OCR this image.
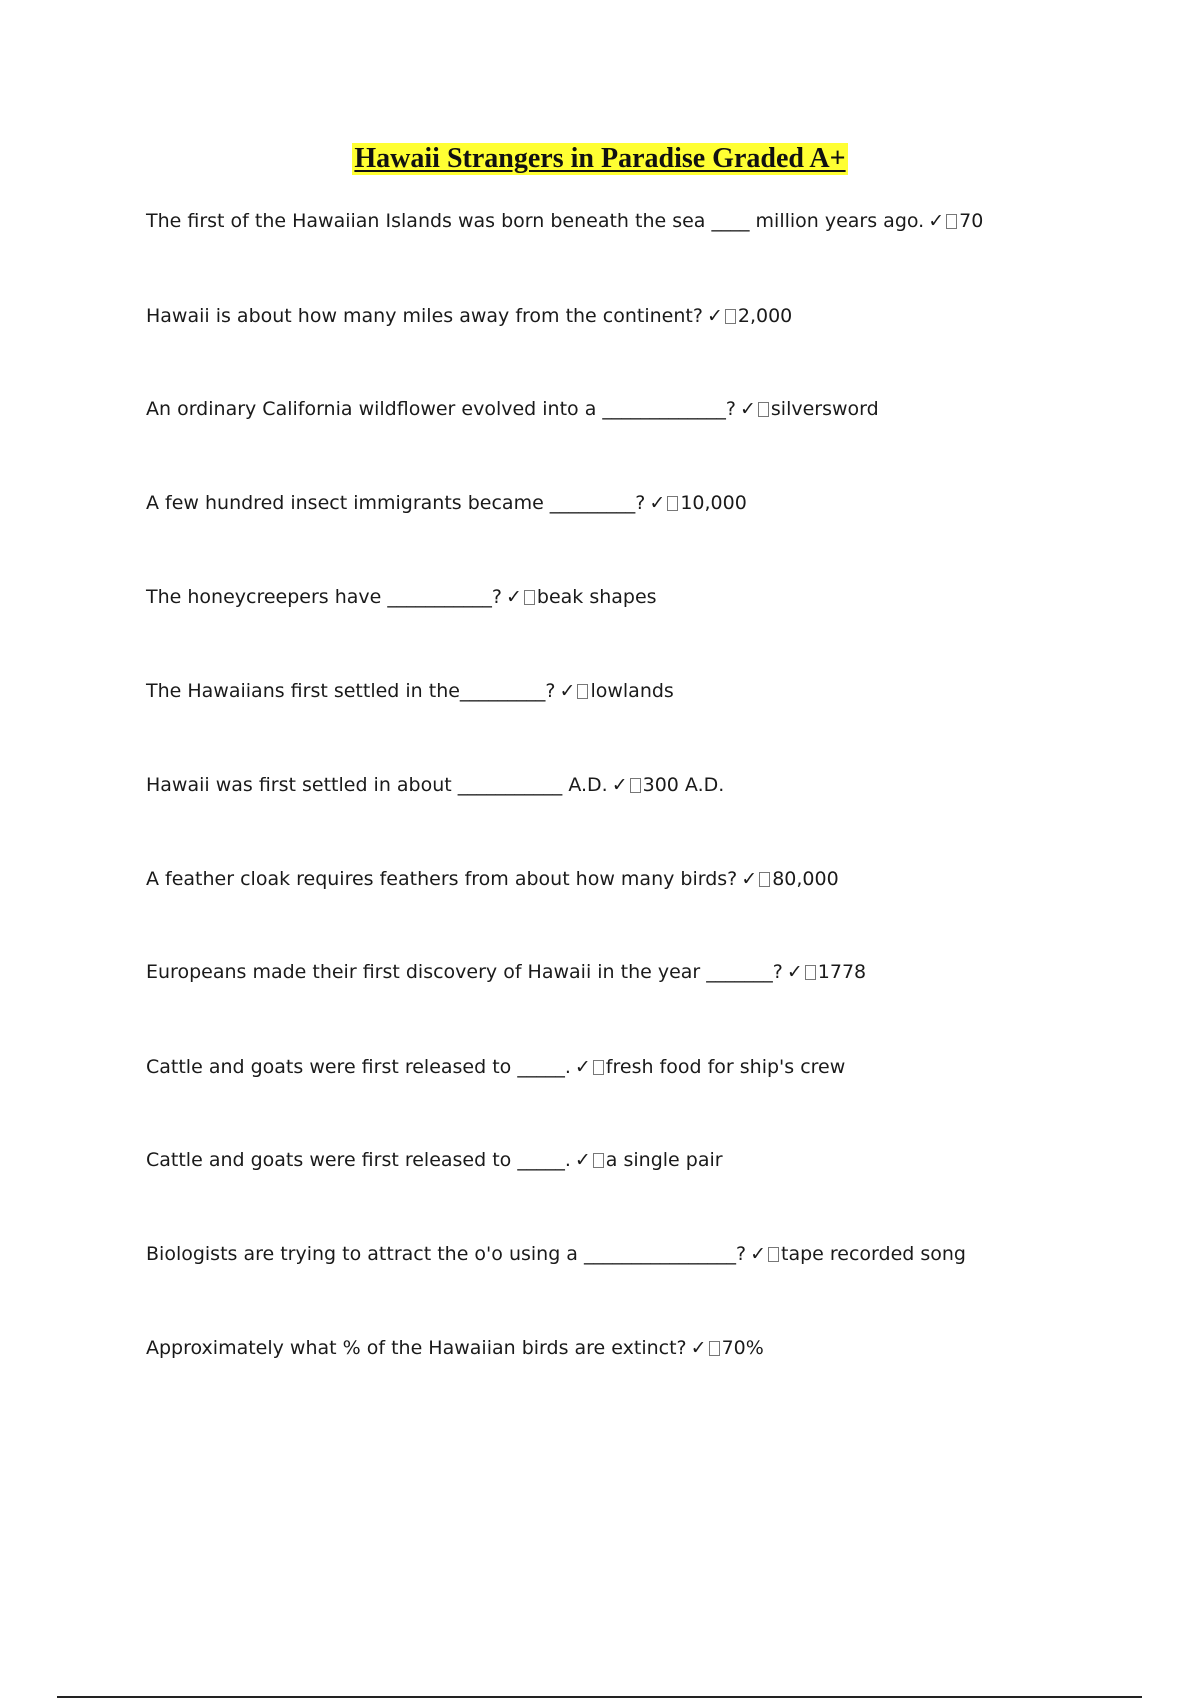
Hawaii Strangers in Paradise Graded A+
The first of the Hawaiian Islands was born beneath the sea ____ million years ago. ✓ 70
Hawaii is about how many miles away from the continent? ✓ 2,000
An ordinary California wildflower evolved into a _____________? ✓ silversword
A few hundred insect immigrants became _________? ✓ 10,000
The honeycreepers have ___________? ✓ beak shapes
The Hawaiians first settled in the_________? ✓ lowlands
Hawaii was first settled in about ___________ A.D. ✓ 300 A.D.
A feather cloak requires feathers from about how many birds? ✓ 80,000
Europeans made their first discovery of Hawaii in the year _______? ✓ 1778
Cattle and goats were first released to _____. ✓ fresh food for ship's crew
Cattle and goats were first released to _____. ✓ a single pair
Biologists are trying to attract the o'o using a ________________? ✓ tape recorded song
Approximately what % of the Hawaiian birds are extinct? ✓ 70%
